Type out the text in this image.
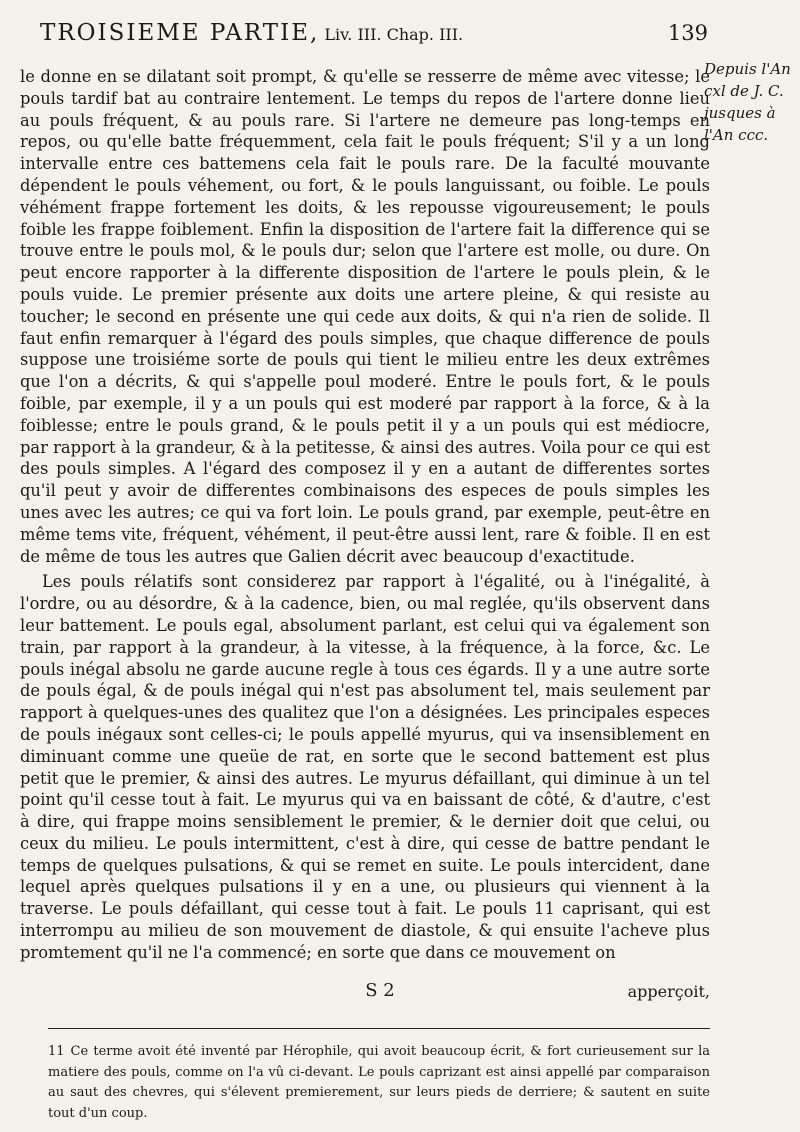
TROISIEME PARTIE, Liv. III. Chap. III.	139
Depuis l'An cxl de J. C. jusques à l'An ccc.

le donne en se dilatant soit prompt, & qu'elle se resserre de même avec vitesse; le pouls tardif bat au contraire lentement. Le temps du repos de l'artere donne lieu au pouls fréquent, & au pouls rare. Si l'artere ne demeure pas long-temps en repos, ou qu'elle batte fréquemment, cela fait le pouls fréquent; S'il y a un long intervalle entre ces battemens cela fait le pouls rare. De la faculté mouvante dépendent le pouls véhement, ou fort, & le pouls languissant, ou foible. Le pouls véhément frappe fortement les doits, & les repousse vigoureusement; le pouls foible les frappe foiblement. Enfin la disposition de l'artere fait la difference qui se trouve entre le pouls mol, & le pouls dur; selon que l'artere est molle, ou dure. On peut encore rapporter à la differente disposition de l'artere le pouls plein, & le pouls vuide. Le premier présente aux doits une artere pleine, & qui resiste au toucher; le second en présente une qui cede aux doits, & qui n'a rien de solide. Il faut enfin remarquer à l'égard des pouls simples, que chaque difference de pouls suppose une troisiéme sorte de pouls qui tient le milieu entre les deux extrêmes que l'on a décrits, & qui s'appelle poul moderé. Entre le pouls fort, & le pouls foible, par exemple, il y a un pouls qui est moderé par rapport à la force, & à la foiblesse; entre le pouls grand, & le pouls petit il y a un pouls qui est médiocre, par rapport à la grandeur, & à la petitesse, & ainsi des autres. Voila pour ce qui est des pouls simples. A l'égard des composez il y en a autant de differentes sortes qu'il peut y avoir de differentes combinaisons des especes de pouls simples les unes avec les autres; ce qui va fort loin. Le pouls grand, par exemple, peut-être en même tems vite, fréquent, véhément, il peut-être aussi lent, rare & foible. Il en est de même de tous les autres que Galien décrit avec beaucoup d'exactitude.

Les pouls rélatifs sont considerez par rapport à l'égalité, ou à l'inégalité, à l'ordre, ou au désordre, & à la cadence, bien, ou mal reglée, qu'ils observent dans leur battement. Le pouls egal, absolument parlant, est celui qui va également son train, par rapport à la grandeur, à la vitesse, à la fréquence, à la force, &c. Le pouls inégal absolu ne garde aucune regle à tous ces égards. Il y a une autre sorte de pouls égal, & de pouls inégal qui n'est pas absolument tel, mais seulement par rapport à quelques-unes des qualitez que l'on a désignées. Les principales especes de pouls inégaux sont celles-ci; le pouls appellé myurus, qui va insensiblement en diminuant comme une queüe de rat, en sorte que le second battement est plus petit que le premier, & ainsi des autres. Le myurus défaillant, qui diminue à un tel point qu'il cesse tout à fait. Le myurus qui va en baissant de côté, & d'autre, c'est à dire, qui frappe moins sensiblement le premier, & le dernier doit que celui, ou ceux du milieu. Le pouls intermittent, c'est à dire, qui cesse de battre pendant le temps de quelques pulsations, & qui se remet en suite. Le pouls intercident, dane lequel après quelques pulsations il y en a une, ou plusieurs qui viennent à la traverse. Le pouls défaillant, qui cesse tout à fait. Le pouls 11 caprisant, qui est interrompu au milieu de son mouvement de diastole, & qui ensuite l'acheve plus promtement qu'il ne l'a commencé; en sorte que dans ce mouvement on

S 2	apperçoit,
11 Ce terme avoit été inventé par Hérophile, qui avoit beaucoup écrit, & fort curieusement sur la matiere des pouls, comme on l'a vû ci-devant. Le pouls caprizant est ainsi appellé par comparaison au saut des chevres, qui s'élevent premierement, sur leurs pieds de derriere; & sautent en suite tout d'un coup.
